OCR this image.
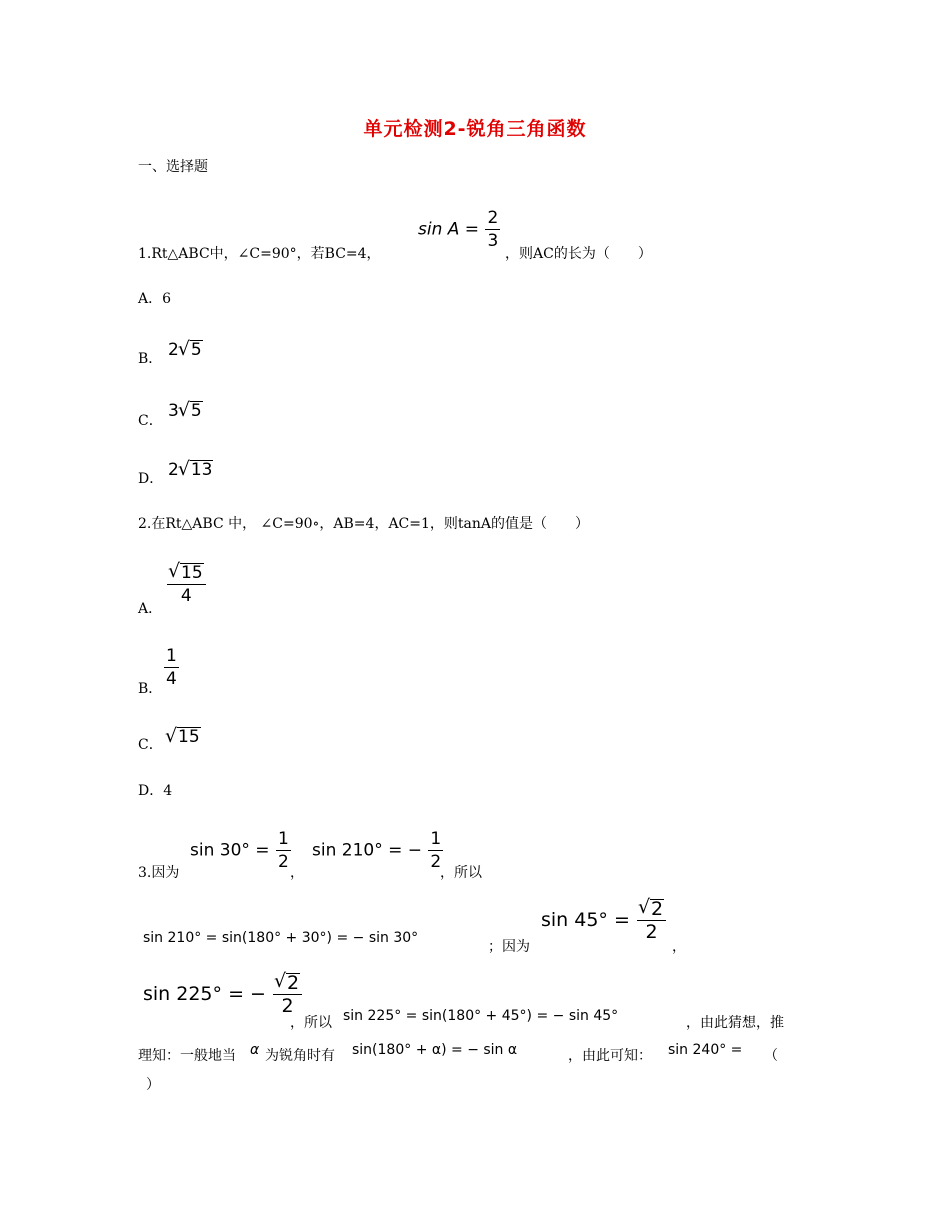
单元检测2-锐角三角函数
一、选择题
1.Rt△ABC中，∠C=90°，若BC=4，
$\sin A = \frac{2}{3}$
，则AC的长为（　　）
A．6
B． 2 √ 5
C． 3 √ 5
D． 2 √ 13
2.在Rt△ABC 中， ∠C=90∘，AB=4，AC=1，则tanA的值是（　　）
A．
√ $\frac{15}{4}$
B． $\frac{1}{4}$
C． √ 15
D．4
3.因为
$\sin 30^\circ = \frac{1}{2}$ ，
sin 210° = − $\frac{1}{2}$
，所以
sin 210° = sin(180° + 30°) = − sin 30°
；因为
sin 45° = √ $\frac{2}{2}$
，
sin 225° = − √ $\frac{2}{2}$
，所以 sin 225° = sin(180° + 45°) = − sin 45°	，由此猜想，推
理知：一般地当 α 为锐角时有 sin(180° + α) = − sin α	，由此可知： sin 240° = （
）
